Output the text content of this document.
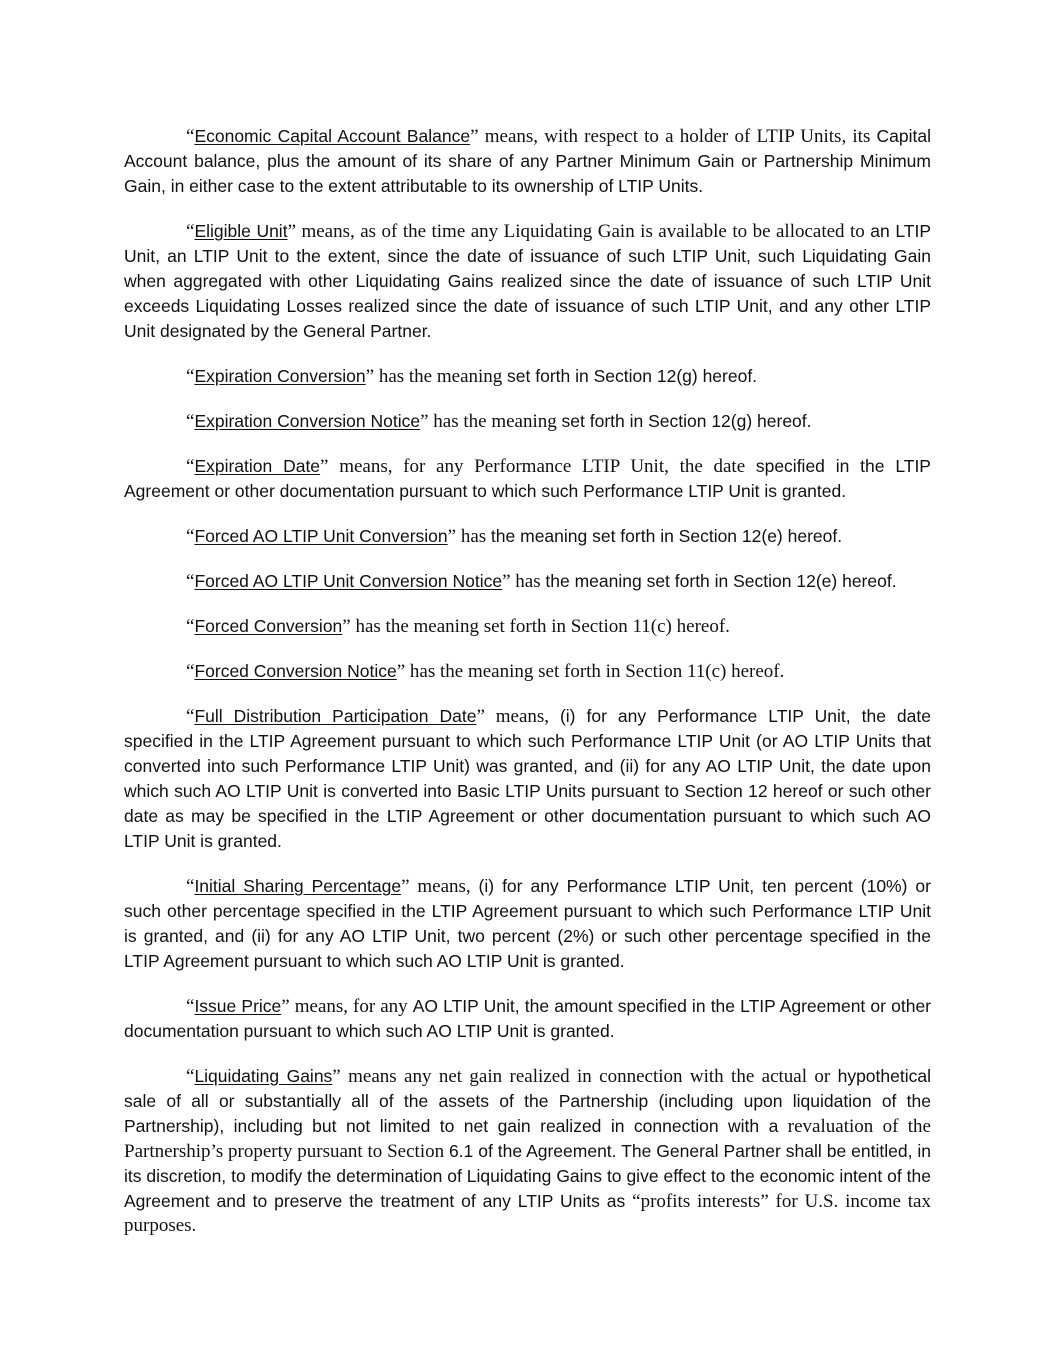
“Economic Capital Account Balance” means, with respect to a holder of LTIP Units, its Capital Account balance, plus the amount of its share of any Partner Minimum Gain or Partnership Minimum Gain, in either case to the extent attributable to its ownership of LTIP Units.

“Eligible Unit” means, as of the time any Liquidating Gain is available to be allocated to an LTIP Unit, an LTIP Unit to the extent, since the date of issuance of such LTIP Unit, such Liquidating Gain when aggregated with other Liquidating Gains realized since the date of issuance of such LTIP Unit exceeds Liquidating Losses realized since the date of issuance of such LTIP Unit, and any other LTIP Unit designated by the General Partner.

“Expiration Conversion” has the meaning set forth in Section 12(g) hereof.

“Expiration Conversion Notice” has the meaning set forth in Section 12(g) hereof.

“Expiration Date” means, for any Performance LTIP Unit, the date specified in the LTIP Agreement or other documentation pursuant to which such Performance LTIP Unit is granted.

“Forced AO LTIP Unit Conversion” has the meaning set forth in Section 12(e) hereof.

“Forced AO LTIP Unit Conversion Notice” has the meaning set forth in Section 12(e) hereof.

“Forced Conversion” has the meaning set forth in Section 11(c) hereof.

“Forced Conversion Notice” has the meaning set forth in Section 11(c) hereof.

“Full Distribution Participation Date” means, (i) for any Performance LTIP Unit, the date specified in the LTIP Agreement pursuant to which such Performance LTIP Unit (or AO LTIP Units that converted into such Performance LTIP Unit) was granted, and (ii) for any AO LTIP Unit, the date upon which such AO LTIP Unit is converted into Basic LTIP Units pursuant to Section 12 hereof or such other date as may be specified in the LTIP Agreement or other documentation pursuant to which such AO LTIP Unit is granted.

“Initial Sharing Percentage” means, (i) for any Performance LTIP Unit, ten percent (10%) or such other percentage specified in the LTIP Agreement pursuant to which such Performance LTIP Unit is granted, and (ii) for any AO LTIP Unit, two percent (2%) or such other percentage specified in the LTIP Agreement pursuant to which such AO LTIP Unit is granted.

“Issue Price” means, for any AO LTIP Unit, the amount specified in the LTIP Agreement or other documentation pursuant to which such AO LTIP Unit is granted.

“Liquidating Gains” means any net gain realized in connection with the actual or hypothetical sale of all or substantially all of the assets of the Partnership (including upon liquidation of the Partnership), including but not limited to net gain realized in connection with a revaluation of the Partnership’s property pursuant to Section 6.1 of the Agreement. The General Partner shall be entitled, in its discretion, to modify the determination of Liquidating Gains to give effect to the economic intent of the Agreement and to preserve the treatment of any LTIP Units as “profits interests” for U.S. income tax purposes.
